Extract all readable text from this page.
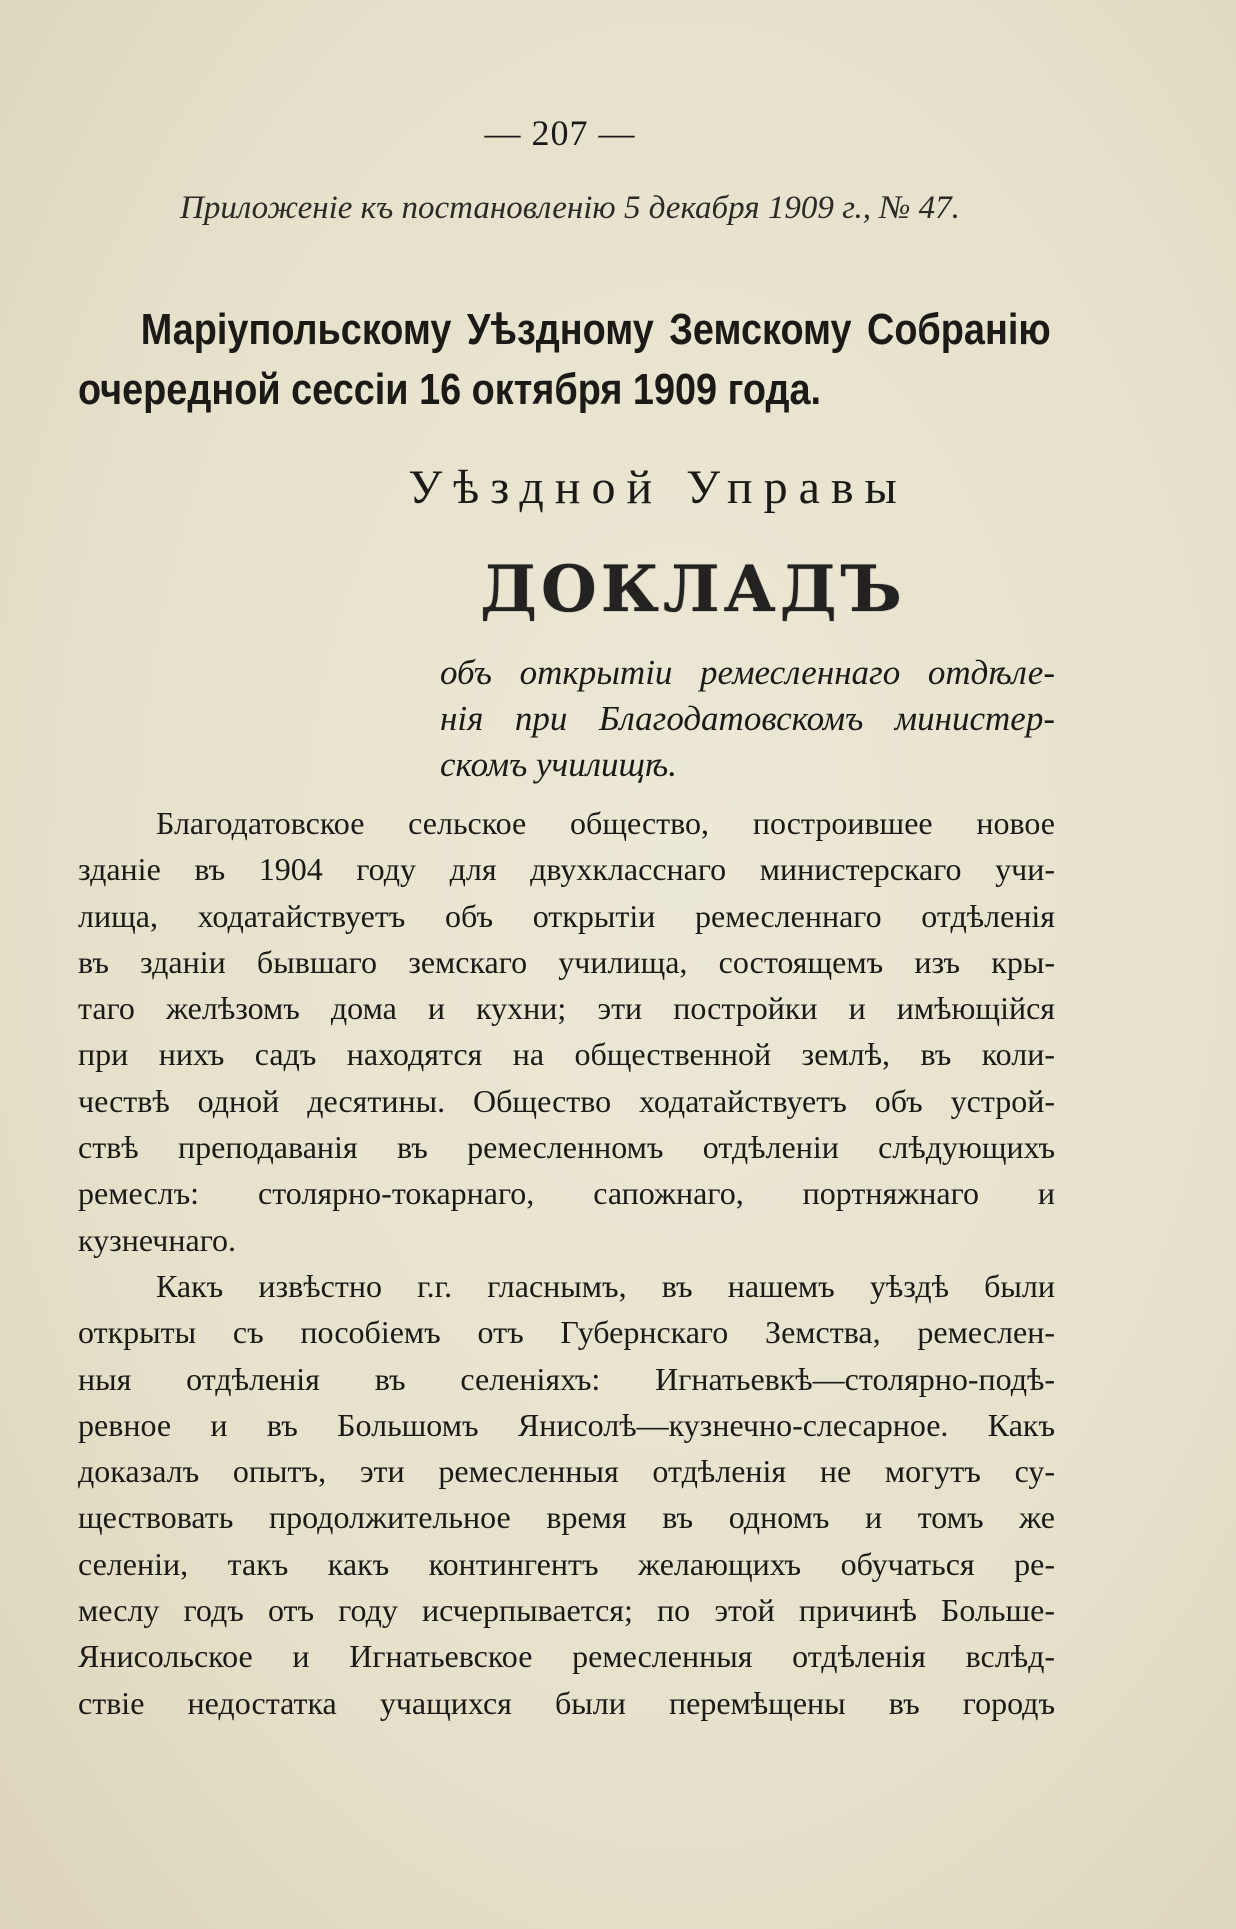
— 207 —
Приложеніе къ постановленію 5 декабря 1909 г., № 47.
Маріупольскому Уѣздному Земскому Собранію
очередной сессіи 16 октября 1909 года.
Уѣздной Управы
ДОКЛАДЪ
объ открытіи ремесленнаго отдѣле-
нія при Благодатовскомъ министер-
скомъ училищѣ.
Благодатовское сельское общество, построившее новое
зданіе въ 1904 году для двухкласснаго министерскаго учи-
лища, ходатайствуетъ объ открытіи ремесленнаго отдѣленія
въ зданіи бывшаго земскаго училища, состоящемъ изъ кры-
таго желѣзомъ дома и кухни; эти постройки и имѣющійся
при нихъ садъ находятся на общественной землѣ, въ коли-
чествѣ одной десятины. Общество ходатайствуетъ объ устрой-
ствѣ преподаванія въ ремесленномъ отдѣленіи слѣдующихъ
ремеслъ: столярно-токарнаго, сапожнаго, портняжнаго и
кузнечнаго.
Какъ извѣстно г.г. гласнымъ, въ нашемъ уѣздѣ были
открыты съ пособіемъ отъ Губернскаго Земства, ремеслен-
ныя отдѣленія въ селеніяхъ: Игнатьевкѣ—столярно-подѣ-
ревное и въ Большомъ Янисолѣ—кузнечно-слесарное. Какъ
доказалъ опытъ, эти ремесленныя отдѣленія не могутъ су-
ществовать продолжительное время въ одномъ и томъ же
селеніи, такъ какъ контингентъ желающихъ обучаться ре-
меслу годъ отъ году исчерпывается; по этой причинѣ Больше-
Янисольское и Игнатьевское ремесленныя отдѣленія вслѣд-
ствіе недостатка учащихся были перемѣщены въ городъ
